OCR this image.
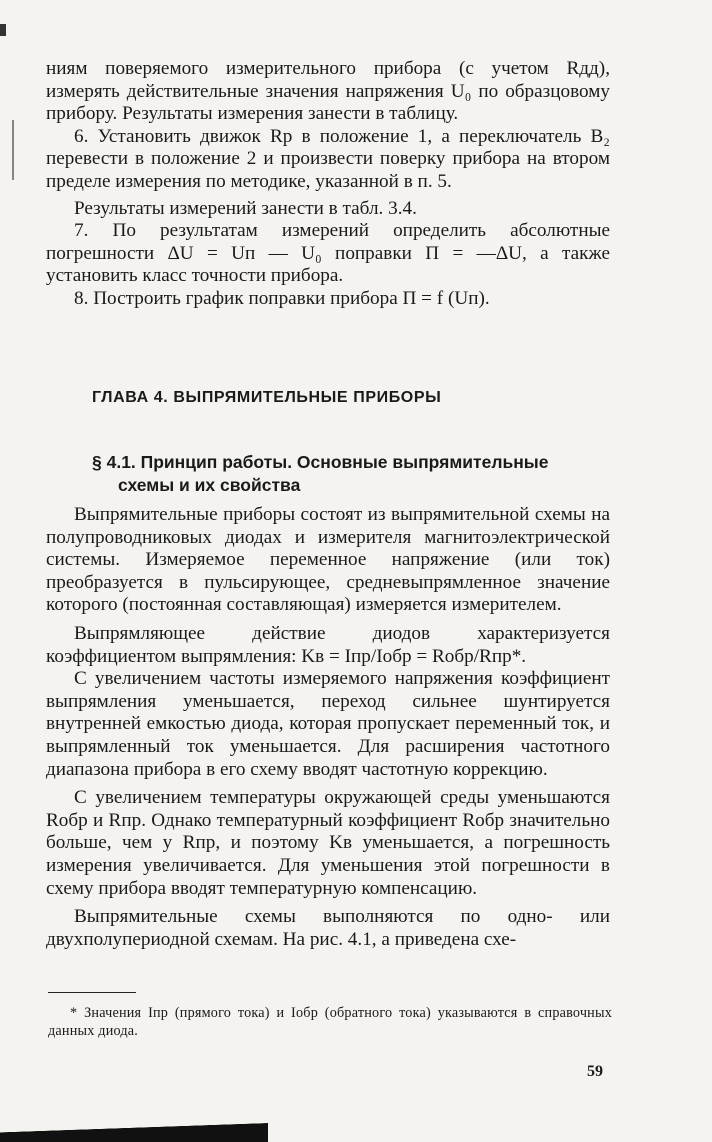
ниям поверяемого измерительного прибора (с учетом Rдд), измерять действительные значения напряжения U₀ по образцовому прибору. Результаты измерения занести в таблицу.

6. Установить движок Rр в положение 1, а переключатель B₂ перевести в положение 2 и произвести поверку прибора на втором пределе измерения по методике, указанной в п. 5.

Результаты измерений занести в табл. 3.4.

7. По результатам измерений определить абсолютные погрешности ΔU = Uп — U₀ поправки П = —ΔU, а также установить класс точности прибора.

8. Построить график поправки прибора П = f (Uп).

ГЛАВА 4. ВЫПРЯМИТЕЛЬНЫЕ ПРИБОРЫ
§ 4.1. Принцип работы. Основные выпрямительные
схемы и их свойства

Выпрямительные приборы состоят из выпрямительной схемы на полупроводниковых диодах и измерителя магнитоэлектрической системы. Измеряемое переменное напряжение (или ток) преобразуется в пульсирующее, средневыпрямленное значение которого (постоянная составляющая) измеряется измерителем.

Выпрямляющее действие диодов характеризуется коэффициентом выпрямления: Kв = Iпр/Iобр = Rобр/Rпр*.

С увеличением частоты измеряемого напряжения коэффициент выпрямления уменьшается, переход сильнее шунтируется внутренней емкостью диода, которая пропускает переменный ток, и выпрямленный ток уменьшается. Для расширения частотного диапазона прибора в его схему вводят частотную коррекцию.

С увеличением температуры окружающей среды уменьшаются Rобр и Rпр. Однако температурный коэффициент Rобр значительно больше, чем у Rпр, и поэтому Kв уменьшается, а погрешность измерения увеличивается. Для уменьшения этой погрешности в схему прибора вводят температурную компенсацию.

Выпрямительные схемы выполняются по одно- или двухполупериодной схемам. На рис. 4.1, a приведена схе-

* Значения Iпр (прямого тока) и Iобр (обратного тока) указываются в справочных данных диода.

59
